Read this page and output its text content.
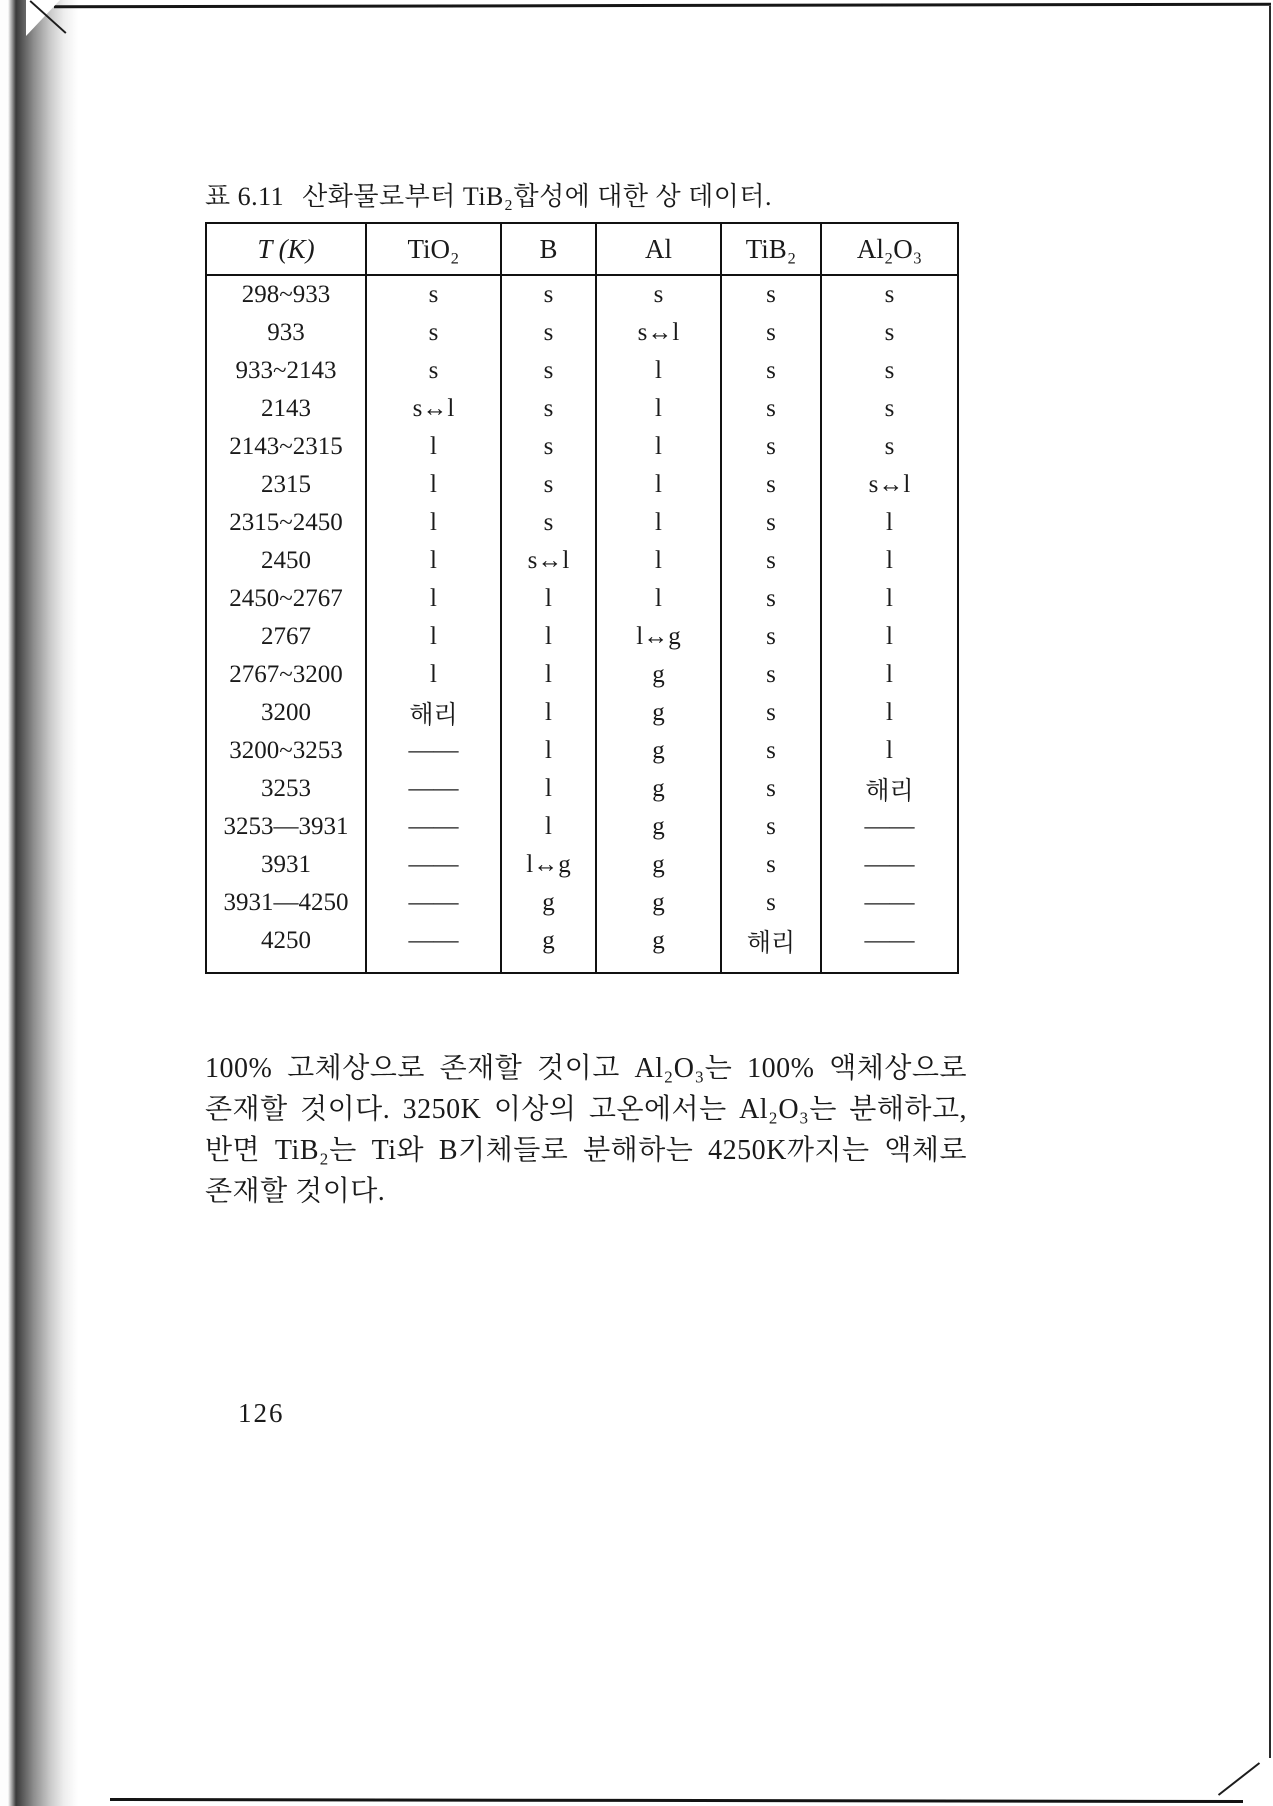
표 6.11 산화물로부터 TiB₂합성에 대한 상 데이터.
T (K)	TiO₂	B	Al	TiB₂	Al₂O₃
298~933	s	s	s	s	s
933	s	s	s↔l	s	s
933~2143	s	s	l	s	s
2143	s↔l	s	l	s	s
2143~2315	l	s	l	s	s
2315	l	s	l	s	s↔l
2315~2450	l	s	l	s	l
2450	l	s↔l	l	s	l
2450~2767	l	l	l	s	l
2767	l	l	l↔g	s	l
2767~3200	l	l	g	s	l
3200	해리	l	g	s	l
3200~3253	——	l	g	s	l
3253	——	l	g	s	해리
3253—3931	——	l	g	s	——
3931	——	l↔g	g	s	——
3931—4250	——	g	g	s	——
4250	——	g	g	해리	——

100% 고체상으로 존재할 것이고 Al₂O₃는 100% 액체상으로 존재할 것이다. 3250K 이상의 고온에서는 Al₂O₃는 분해하고, 반면 TiB₂는 Ti와 B기체들로 분해하는 4250K까지는 액체로 존재할 것이다.

126
